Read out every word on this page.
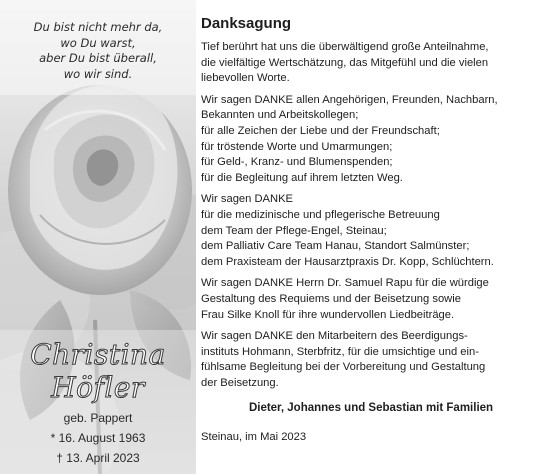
Du bist nicht mehr da,
wo Du warst,
aber Du bist überall,
wo wir sind.
Christina
Höfler
geb. Pappert
* 16. August 1963
† 13. April 2023
Danksagung
Tief berührt hat uns die überwältigend große Anteilnahme,
die vielfältige Wertschätzung, das Mitgefühl und die vielen
liebevollen Worte.
Wir sagen DANKE allen Angehörigen, Freunden, Nachbarn,
Bekannten und Arbeitskollegen;
für alle Zeichen der Liebe und der Freundschaft;
für tröstende Worte und Umarmungen;
für Geld-, Kranz- und Blumenspenden;
für die Begleitung auf ihrem letzten Weg.
Wir sagen DANKE
für die medizinische und pflegerische Betreuung
dem Team der Pflege-Engel, Steinau;
dem Palliativ Care Team Hanau, Standort Salmünster;
dem Praxisteam der Hausarztpraxis Dr. Kopp, Schlüchtern.
Wir sagen DANKE Herrn Dr. Samuel Rapu für die würdige
Gestaltung des Requiems und der Beisetzung sowie
Frau Silke Knoll für ihre wundervollen Liedbeiträge.
Wir sagen DANKE den Mitarbeitern des Beerdigungs-
instituts Hohmann, Sterbfritz, für die umsichtige und ein-
fühlsame Begleitung bei der Vorbereitung und Gestaltung
der Beisetzung.
Dieter, Johannes und Sebastian mit Familien
Steinau, im Mai 2023
